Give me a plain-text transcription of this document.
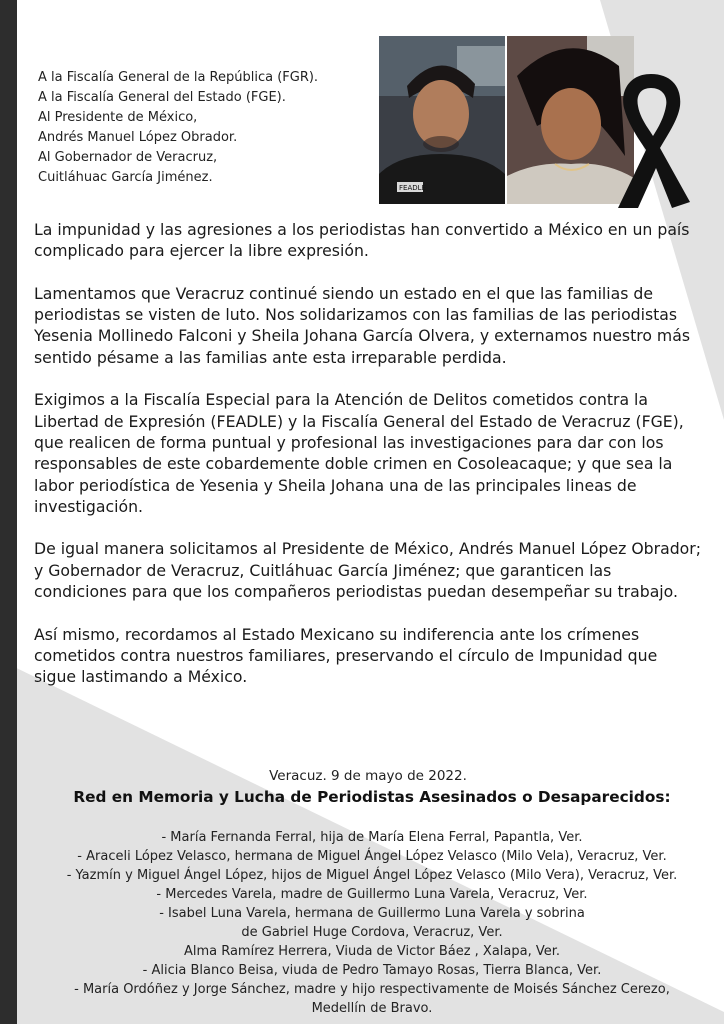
A la Fiscalía General de la República (FGR).
A la Fiscalía General del Estado (FGE).
Al Presidente de México,
Andrés Manuel López Obrador.
Al Gobernador de Veracruz,
Cuitláhuac García Jiménez.
FEADLE

La impunidad y las agresiones a los periodistas han convertido a México en un país complicado para ejercer la libre expresión.

Lamentamos que Veracruz continué siendo un estado en el que las familias de periodistas se visten de luto. Nos solidarizamos con las familias de las periodistas Yesenia Mollinedo Falconi y Sheila Johana García Olvera, y externamos nuestro más sentido pésame a las familias ante esta irreparable perdida.

Exigimos a la Fiscalía Especial para la Atención de Delitos cometidos contra la Libertad de Expresión (FEADLE) y la Fiscalía General del Estado de Veracruz (FGE), que realicen de forma puntual y profesional las investigaciones para dar con los responsables de este cobardemente doble crimen en Cosoleacaque; y que sea la labor periodística de Yesenia y Sheila Johana una de las principales lineas de investigación.

De igual manera solicitamos al Presidente de México, Andrés Manuel López Obrador; y Gobernador de Veracruz, Cuitláhuac García Jiménez; que garanticen las condiciones para que los compañeros periodistas puedan desempeñar su trabajo.

Así mismo, recordamos al Estado Mexicano su indiferencia ante los crímenes cometidos contra nuestros familiares, preservando el círculo de Impunidad que sigue lastimando a México.

Veracuz. 9 de mayo de 2022.
Red en Memoria y Lucha de Periodistas Asesinados o Desaparecidos:
- María Fernanda Ferral, hija de María Elena Ferral, Papantla, Ver.
- Araceli López Velasco, hermana de Miguel Ángel López Velasco (Milo Vela), Veracruz, Ver.
- Yazmín y Miguel Ángel López, hijos de Miguel Ángel López Velasco (Milo Vera), Veracruz, Ver.
- Mercedes Varela, madre de Guillermo Luna Varela, Veracruz, Ver.
- Isabel Luna Varela, hermana de Guillermo Luna Varela y sobrina
de Gabriel Huge Cordova, Veracruz, Ver.
Alma Ramírez Herrera, Viuda de Victor Báez , Xalapa, Ver.
- Alicia Blanco Beisa, viuda de Pedro Tamayo Rosas, Tierra Blanca, Ver.
- María Ordóñez y Jorge Sánchez, madre y hijo respectivamente de Moisés Sánchez Cerezo,
Medellín de Bravo.
